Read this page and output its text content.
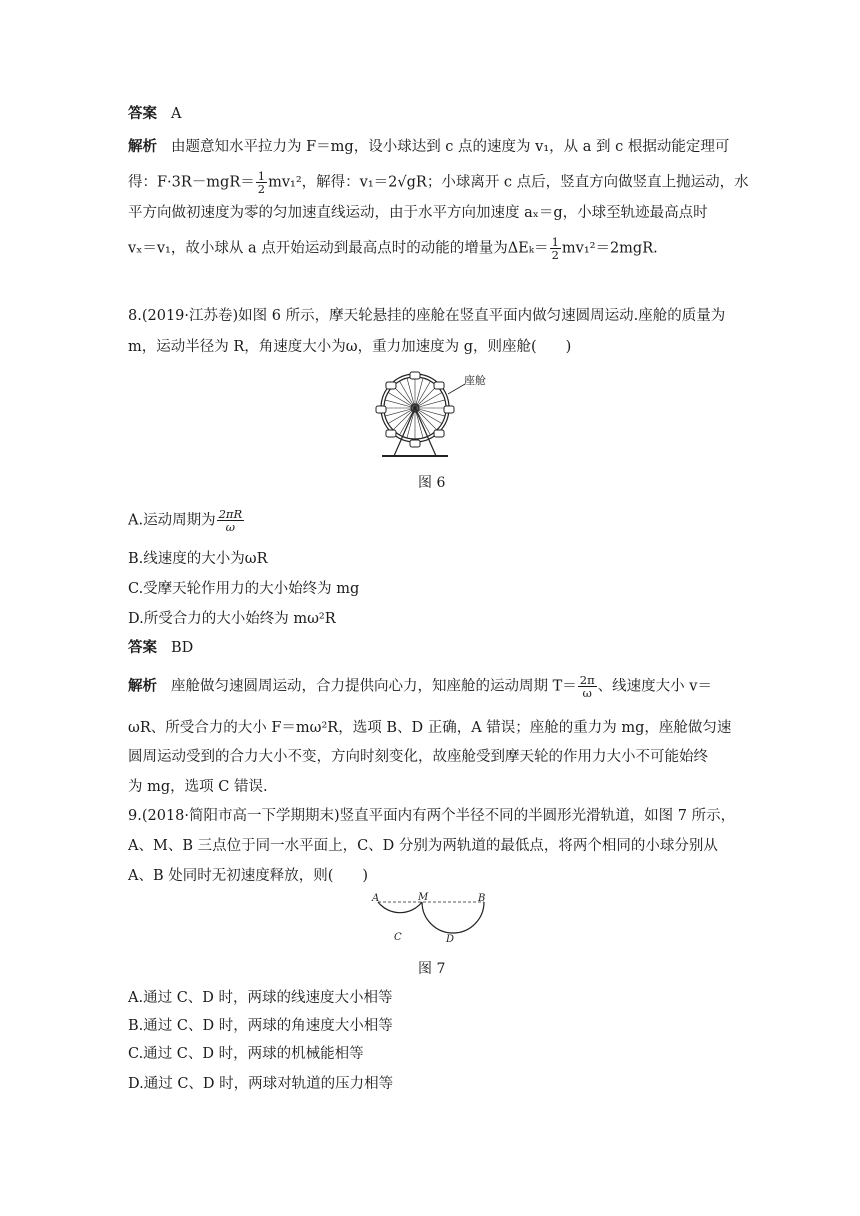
答案 A
解析 由题意知水平拉力为 F＝mg，设小球达到 c 点的速度为 v₁，从 a 到 c 根据动能定理可
得：$F\cdot 3R-mgR= \frac{1}{2} mv_1^2$，解得：v₁＝2√gR；小球离开 c 点后，竖直方向做竖直上抛运动，水
平方向做初速度为零的匀加速直线运动，由于水平方向加速度 aₓ＝g，小球至轨迹最高点时
vₓ＝v₁，故小球从 a 点开始运动到最高点时的动能的增量为$\Delta E_k= \frac{1}{2} mv_1^2=2mgR$.
8.(2019·江苏卷)如图 6 所示，摩天轮悬挂的座舱在竖直平面内做匀速圆周运动.座舱的质量为
m，运动半径为 R，角速度大小为ω，重力加速度为 g，则座舱(　　)
座舱
图 6
A.运动周期为 $\frac{2\pi R}{\omega}$
B.线速度的大小为ωR
C.受摩天轮作用力的大小始终为 mg
D.所受合力的大小始终为 mω²R
答案 BD
解析 座舱做匀速圆周运动，合力提供向心力，知座舱的运动周期 $T= \frac{2\pi}{\omega}$ 、线速度大小 v＝
ωR、所受合力的大小 F＝mω²R，选项 B、D 正确，A 错误；座舱的重力为 mg，座舱做匀速
圆周运动受到的合力大小不变，方向时刻变化，故座舱受到摩天轮的作用力大小不可能始终
为 mg，选项 C 错误.
9.(2018·简阳市高一下学期期末)竖直平面内有两个半径不同的半圆形光滑轨道，如图 7 所示，
A、M、B 三点位于同一水平面上，C、D 分别为两轨道的最低点，将两个相同的小球分别从
A、B 处同时无初速度释放，则(　　)
A	M	B
C	D
图 7
A.通过 C、D 时，两球的线速度大小相等
B.通过 C、D 时，两球的角速度大小相等
C.通过 C、D 时，两球的机械能相等
D.通过 C、D 时，两球对轨道的压力相等
